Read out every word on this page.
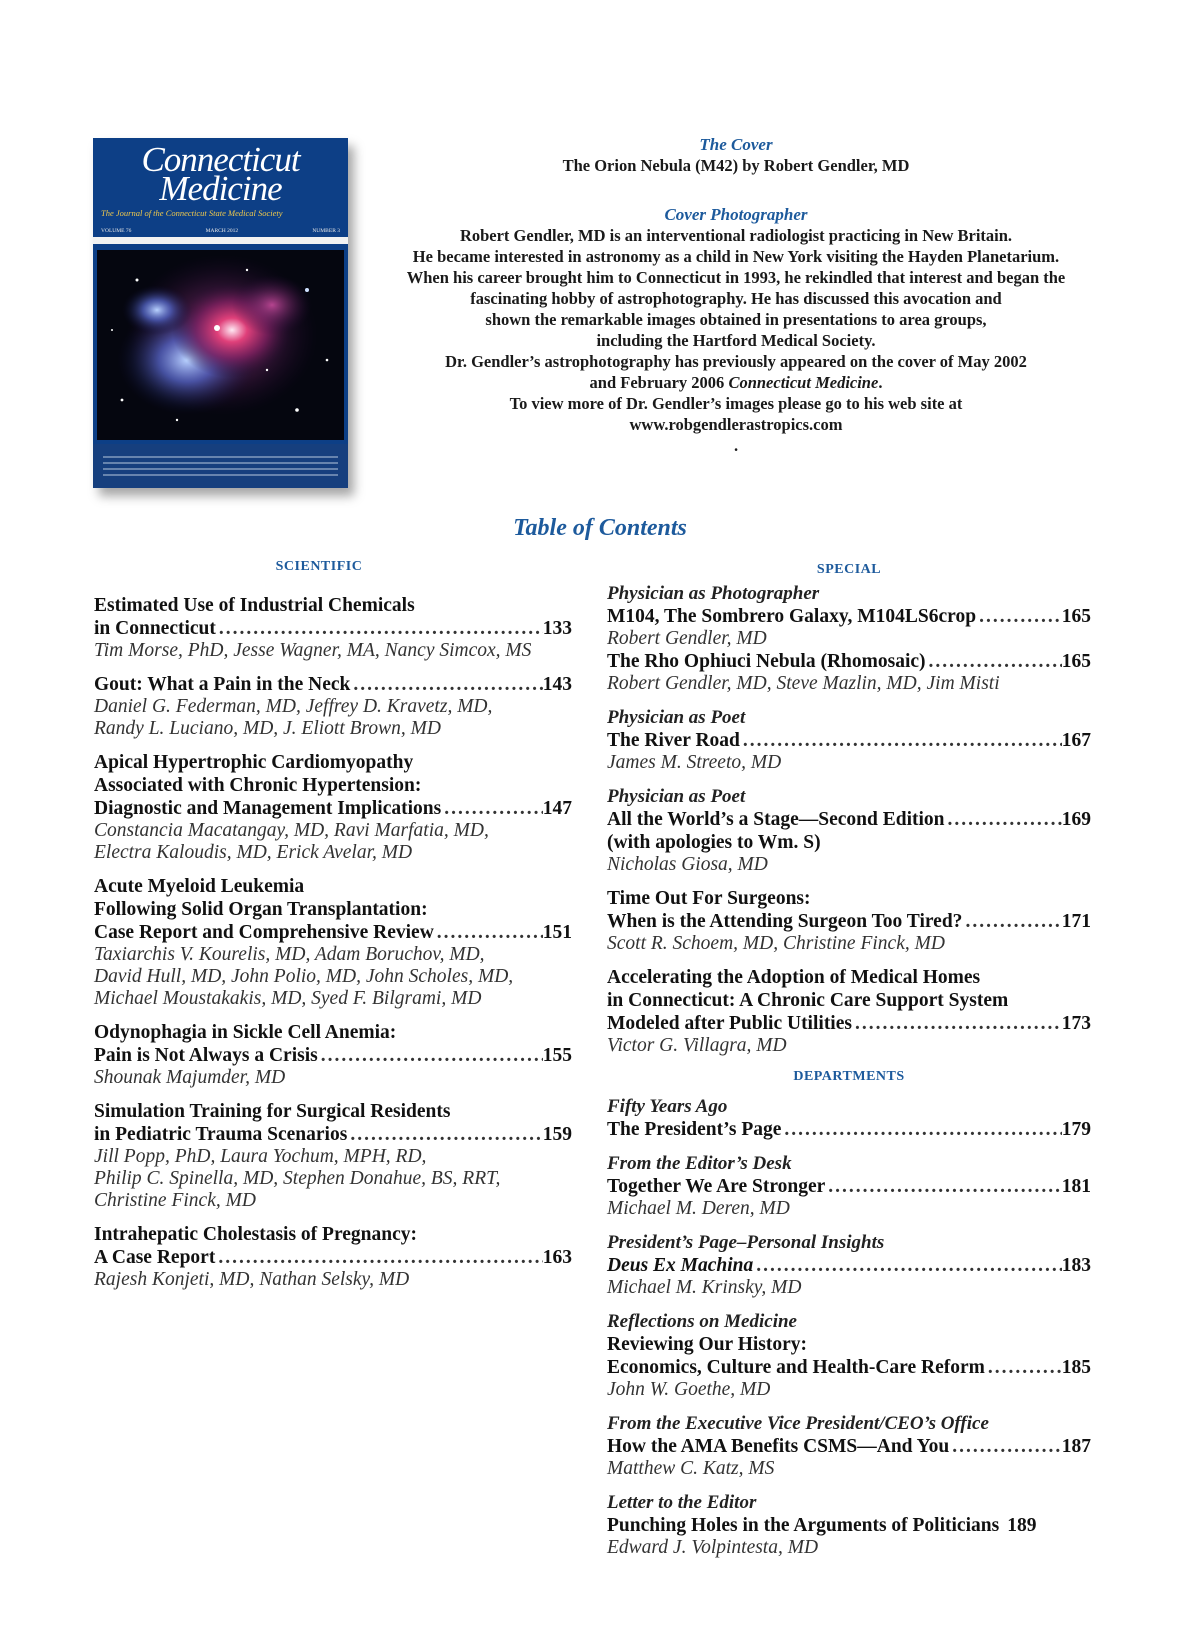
Connecticut
Medicine
The Journal of the Connecticut State Medical Society
VOLUME 76	MARCH 2012	NUMBER 3
The Cover
The Orion Nebula (M42) by Robert Gendler, MD
Cover Photographer
Robert Gendler, MD is an interventional radiologist practicing in New Britain.
He became interested in astronomy as a child in New York visiting the Hayden Planetarium.
When his career brought him to Connecticut in 1993, he rekindled that interest and began the
fascinating hobby of astrophotography. He has discussed this avocation and
shown the remarkable images obtained in presentations to area groups,
including the Hartford Medical Society.
Dr. Gendler’s astrophotography has previously appeared on the cover of May 2002
and February 2006 Connecticut Medicine.
To view more of Dr. Gendler’s images please go to his web site at
www.robgendlerastropics.com
.
Table of Contents
SCIENTIFIC	SPECIAL
Estimated Use of Industrial Chemicals
in Connecticut .....	133
Tim Morse, PhD, Jesse Wagner, MA, Nancy Simcox, MS
Gout: What a Pain in the Neck .....	143
Daniel G. Federman, MD, Jeffrey D. Kravetz, MD,
Randy L. Luciano, MD, J. Eliott Brown, MD
Apical Hypertrophic Cardiomyopathy
Associated with Chronic Hypertension:
Diagnostic and Management Implications .....	147
Constancia Macatangay, MD, Ravi Marfatia, MD,
Electra Kaloudis, MD, Erick Avelar, MD
Acute Myeloid Leukemia
Following Solid Organ Transplantation:
Case Report and Comprehensive Review .....	151
Taxiarchis V. Kourelis, MD, Adam Boruchov, MD,
David Hull, MD, John Polio, MD, John Scholes, MD,
Michael Moustakakis, MD, Syed F. Bilgrami, MD
Odynophagia in Sickle Cell Anemia:
Pain is Not Always a Crisis .....	155
Shounak Majumder, MD
Simulation Training for Surgical Residents
in Pediatric Trauma Scenarios .....	159
Jill Popp, PhD, Laura Yochum, MPH, RD,
Philip C. Spinella, MD, Stephen Donahue, BS, RRT,
Christine Finck, MD
Intrahepatic Cholestasis of Pregnancy:
A Case Report .....	163
Rajesh Konjeti, MD, Nathan Selsky, MD
Physician as Photographer
M104, The Sombrero Galaxy, M104LS6crop .....	165
Robert Gendler, MD
The Rho Ophiuci Nebula (Rhomosaic) .....	165
Robert Gendler, MD, Steve Mazlin, MD, Jim Misti
Physician as Poet
The River Road .....	167
James M. Streeto, MD
Physician as Poet
All the World’s a Stage—Second Edition .....	169
(with apologies to Wm. S)
Nicholas Giosa, MD
Time Out For Surgeons:
When is the Attending Surgeon Too Tired? .....	171
Scott R. Schoem, MD, Christine Finck, MD
Accelerating the Adoption of Medical Homes
in Connecticut: A Chronic Care Support System
Modeled after Public Utilities .....	173
Victor G. Villagra, MD
DEPARTMENTS
Fifty Years Ago
The President’s Page .....	179
From the Editor’s Desk
Together We Are Stronger .....	181
Michael M. Deren, MD
President’s Page–Personal Insights
Deus Ex Machina .....	183
Michael M. Krinsky, MD
Reflections on Medicine
Reviewing Our History:
Economics, Culture and Health-Care Reform .....	185
John W. Goethe, MD
From the Executive Vice President/CEO’s Office
How the AMA Benefits CSMS—And You .....	187
Matthew C. Katz, MS
Letter to the Editor
Punching Holes in the Arguments of Politicians 189
Edward J. Volpintesta, MD
